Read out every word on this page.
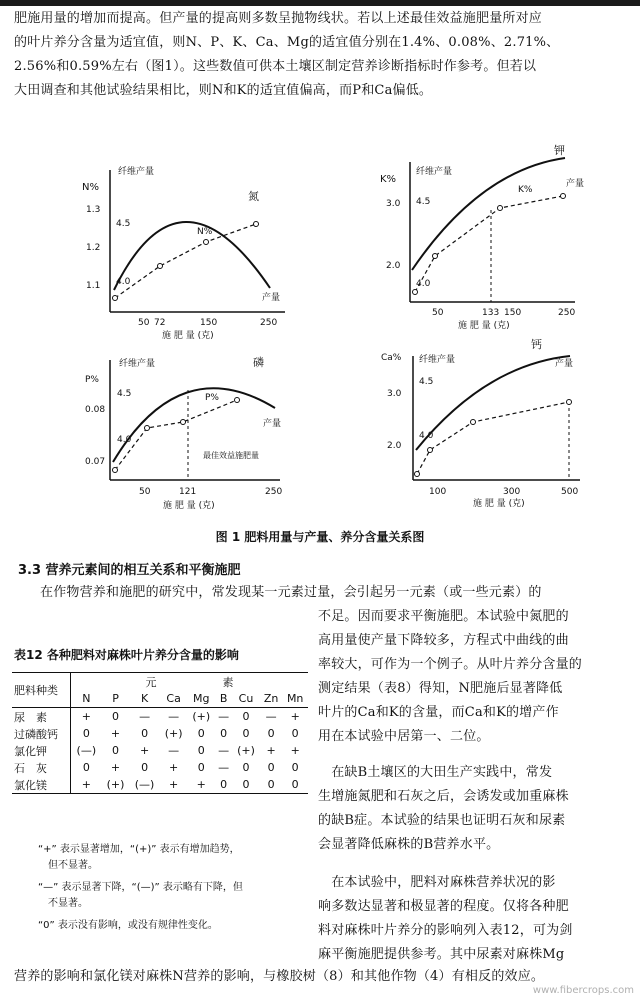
肥施用量的增加而提高。但产量的提高则多数呈抛物线状。若以上述最佳效益施肥量所对应
的叶片养分含量为适宜值，则N、P、K、Ca、Mg的适宜值分别在1.4%、0.08%、2.71%、
2.56%和0.59%左右（图1）。这些数值可供本土壤区制定营养诊断指标时作参考。但若以
大田调查和其他试验结果相比，则N和K的适宜值偏高，而P和Ca偏低。
N%
纤维产量
1.3
1.2
1.1
4.5
4.0
50 72	150	250
施 肥 量 (克)
氮
N%
产量
K%
纤维产量
3.0
2.0
4.5
4.0
50	133 150	250
施 肥 量 (克)
钾
K%
产量
P%
纤维产量
0.08
0.07
4.5
4.0
50	121	250
施 肥 量 (克)
磷
P%
产量
最佳效益施肥量
Ca% 纤维产量
3.0
2.0
4.5
4.0
100	300	500
施 肥 量 (克)
钙
产量
图 1 肥料用量与产量、养分含量关系图
3.3 营养元素间的相互关系和平衡施肥
在作物营养和施肥的研究中，常发现某一元素过量，会引起另一元素（或一些元素）的
不足。因而要求平衡施肥。本试验中氮肥的
高用量使产量下降较多，方程式中曲线的曲
率较大，可作为一个例子。从叶片养分含量的
测定结果（表8）得知，N肥施后显著降低
叶片的Ca和K的含量，而Ca和K的增产作
用在本试验中居第一、二位。
　在缺B土壤区的大田生产实践中，常发
生增施氮肥和石灰之后，会诱发或加重麻株
的缺B症。本试验的结果也证明石灰和尿素
会显著降低麻株的B营养水平。
　在本试验中，肥料对麻株营养状况的影
响多数达显著和极显著的程度。仅将各种肥
料对麻株叶片养分的影响列入表12，可为剑
麻平衡施肥提供参考。其中尿素对麻株Mg
表12 各种肥料对麻株叶片养分含量的影响
肥料种类	元　　　　　　素								
	N	P	K	Ca	Mg	B	Cu	Zn	Mn
尿　素	+	0	—	—	(+)	—	0	—	+
过磷酸钙	0	+	0	(+)	0	0	0	0	0
氯化钾	(—)	0	+	—	0	—	(+)	+	+
石　灰	0	+	0	+	0	—	0	0	0
氯化镁	+	(+)	(—)	+	+	0	0	0	0
“+” 表示显著增加，“(+)” 表示有增加趋势，
但不显著。
“—” 表示显著下降，“(—)” 表示略有下降，但
不显著。
“0” 表示没有影响，或没有规律性变化。
营养的影响和氯化镁对麻株N营养的影响，与橡胶树（8）和其他作物（4）有相反的效应。
www.fibercrops.com
